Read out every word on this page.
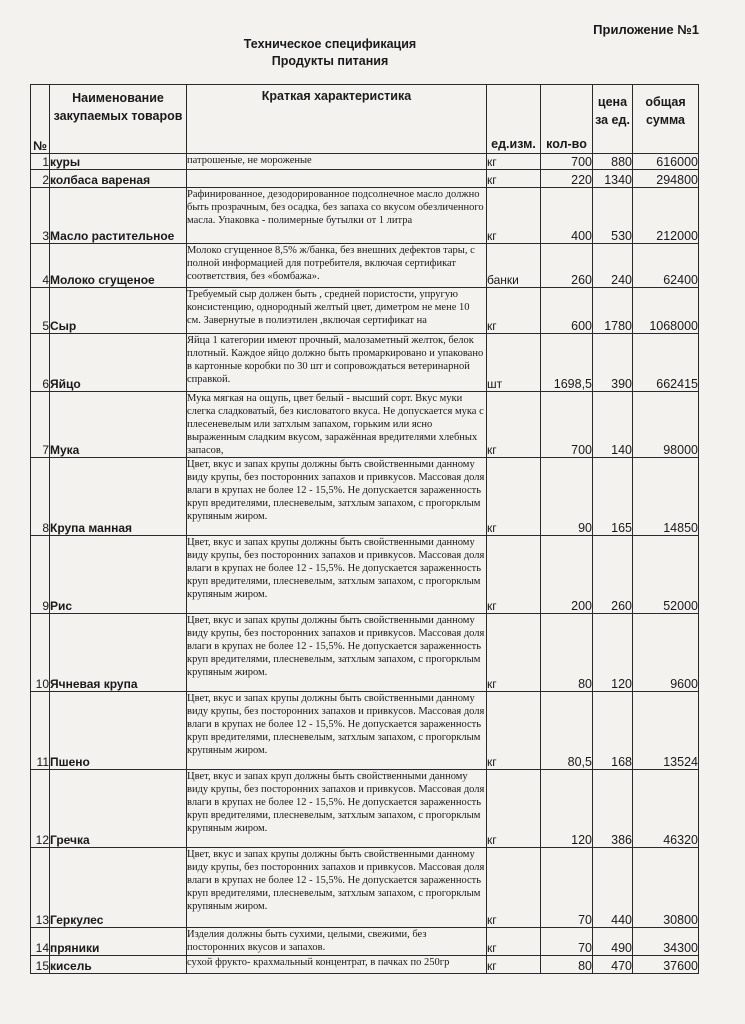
Приложение №1
Техническое спецификация
Продукты питания
№	Наименование закупаемых товаров	Краткая характеристика	ед.изм.	кол-во	цена за ед.	общая сумма
1	куры	патрошеные, не мороженые	кг	700	880	616000
2	колбаса вареная		кг	220	1340	294800
3	Масло растительное	Рафинированное, дезодорированное подсолнечное масло должно быть прозрачным, без осадка, без запаха со вкусом обезличенного масла. Упаковка - полимерные бутылки от 1 литра	кг	400	530	212000
4	Молоко сгущеное	Молоко сгущенное 8,5% ж/банка, без внешних дефектов тары, с полной информацией для потребителя, включая сертификат соответствия, без «бомбажа».	банки	260	240	62400
5	Сыр	Требуемый сыр должен быть , средней пористости, упругую консистенцию, однородный желтый цвет, диметром не мене 10 см. Завернутые в полиэтилен ,включая сертификат на	кг	600	1780	1068000
6	Яйцо	Яйца 1 категории имеют прочный, малозаметный желток, белок плотный. Каждое яйцо должно быть промаркировано и упаковано в картонные коробки по 30 шт и сопровождаться ветеринарной справкой.	шт	1698,5	390	662415
7	Мука	Мука мягкая на ощупь, цвет белый - высший сорт. Вкус муки слегка сладковатый, без кисловатого вкуса. Не допускается мука с плесеневелым или затхлым запахом, горьким или ясно выраженным сладким вкусом, заражённая вредителями хлебных запасов,	кг	700	140	98000
8	Крупа манная	Цвет, вкус и запах крупы должны быть свойственными данному виду крупы, без посторонних запахов и привкусов. Массовая доля влаги в крупах не более 12 - 15,5%. Не допускается зараженность круп вредителями, плесневелым, затхлым запахом, с прогорклым крупяным жиром.	кг	90	165	14850
9	Рис	Цвет, вкус и запах крупы должны быть свойственными данному виду крупы, без посторонних запахов и привкусов. Массовая доля влаги в крупах не более 12 - 15,5%. Не допускается зараженность круп вредителями, плесневелым, затхлым запахом, с прогорклым крупяным жиром.	кг	200	260	52000
10	Ячневая крупа	Цвет, вкус и запах крупы должны быть свойственными данному виду крупы, без посторонних запахов и привкусов. Массовая доля влаги в крупах не более 12 - 15,5%. Не допускается зараженность круп вредителями, плесневелым, затхлым запахом, с прогорклым крупяным жиром.	кг	80	120	9600
11	Пшено	Цвет, вкус и запах крупы должны быть свойственными данному виду крупы, без посторонних запахов и привкусов. Массовая доля влаги в крупах не более 12 - 15,5%. Не допускается зараженность круп вредителями, плесневелым, затхлым запахом, с прогорклым крупяным жиром.	кг	80,5	168	13524
12	Гречка	Цвет, вкус и запах круп должны быть свойственными данному виду крупы, без посторонних запахов и привкусов. Массовая доля влаги в крупах не более 12 - 15,5%. Не допускается зараженность круп вредителями, плесневелым, затхлым запахом, с прогорклым крупяным жиром.	кг	120	386	46320
13	Геркулес	Цвет, вкус и запах крупы должны быть свойственными данному виду крупы, без посторонних запахов и привкусов. Массовая доля влаги в крупах не более 12 - 15,5%. Не допускается зараженность круп вредителями, плесневелым, затхлым запахом, с прогорклым крупяным жиром.	кг	70	440	30800
14	пряники	Изделия должны быть сухими, целыми, свежими, без посторонних вкусов и запахов.	кг	70	490	34300
15	кисель	сухой фрукто- крахмальный концентрат, в пачках по 250гр	кг	80	470	37600
